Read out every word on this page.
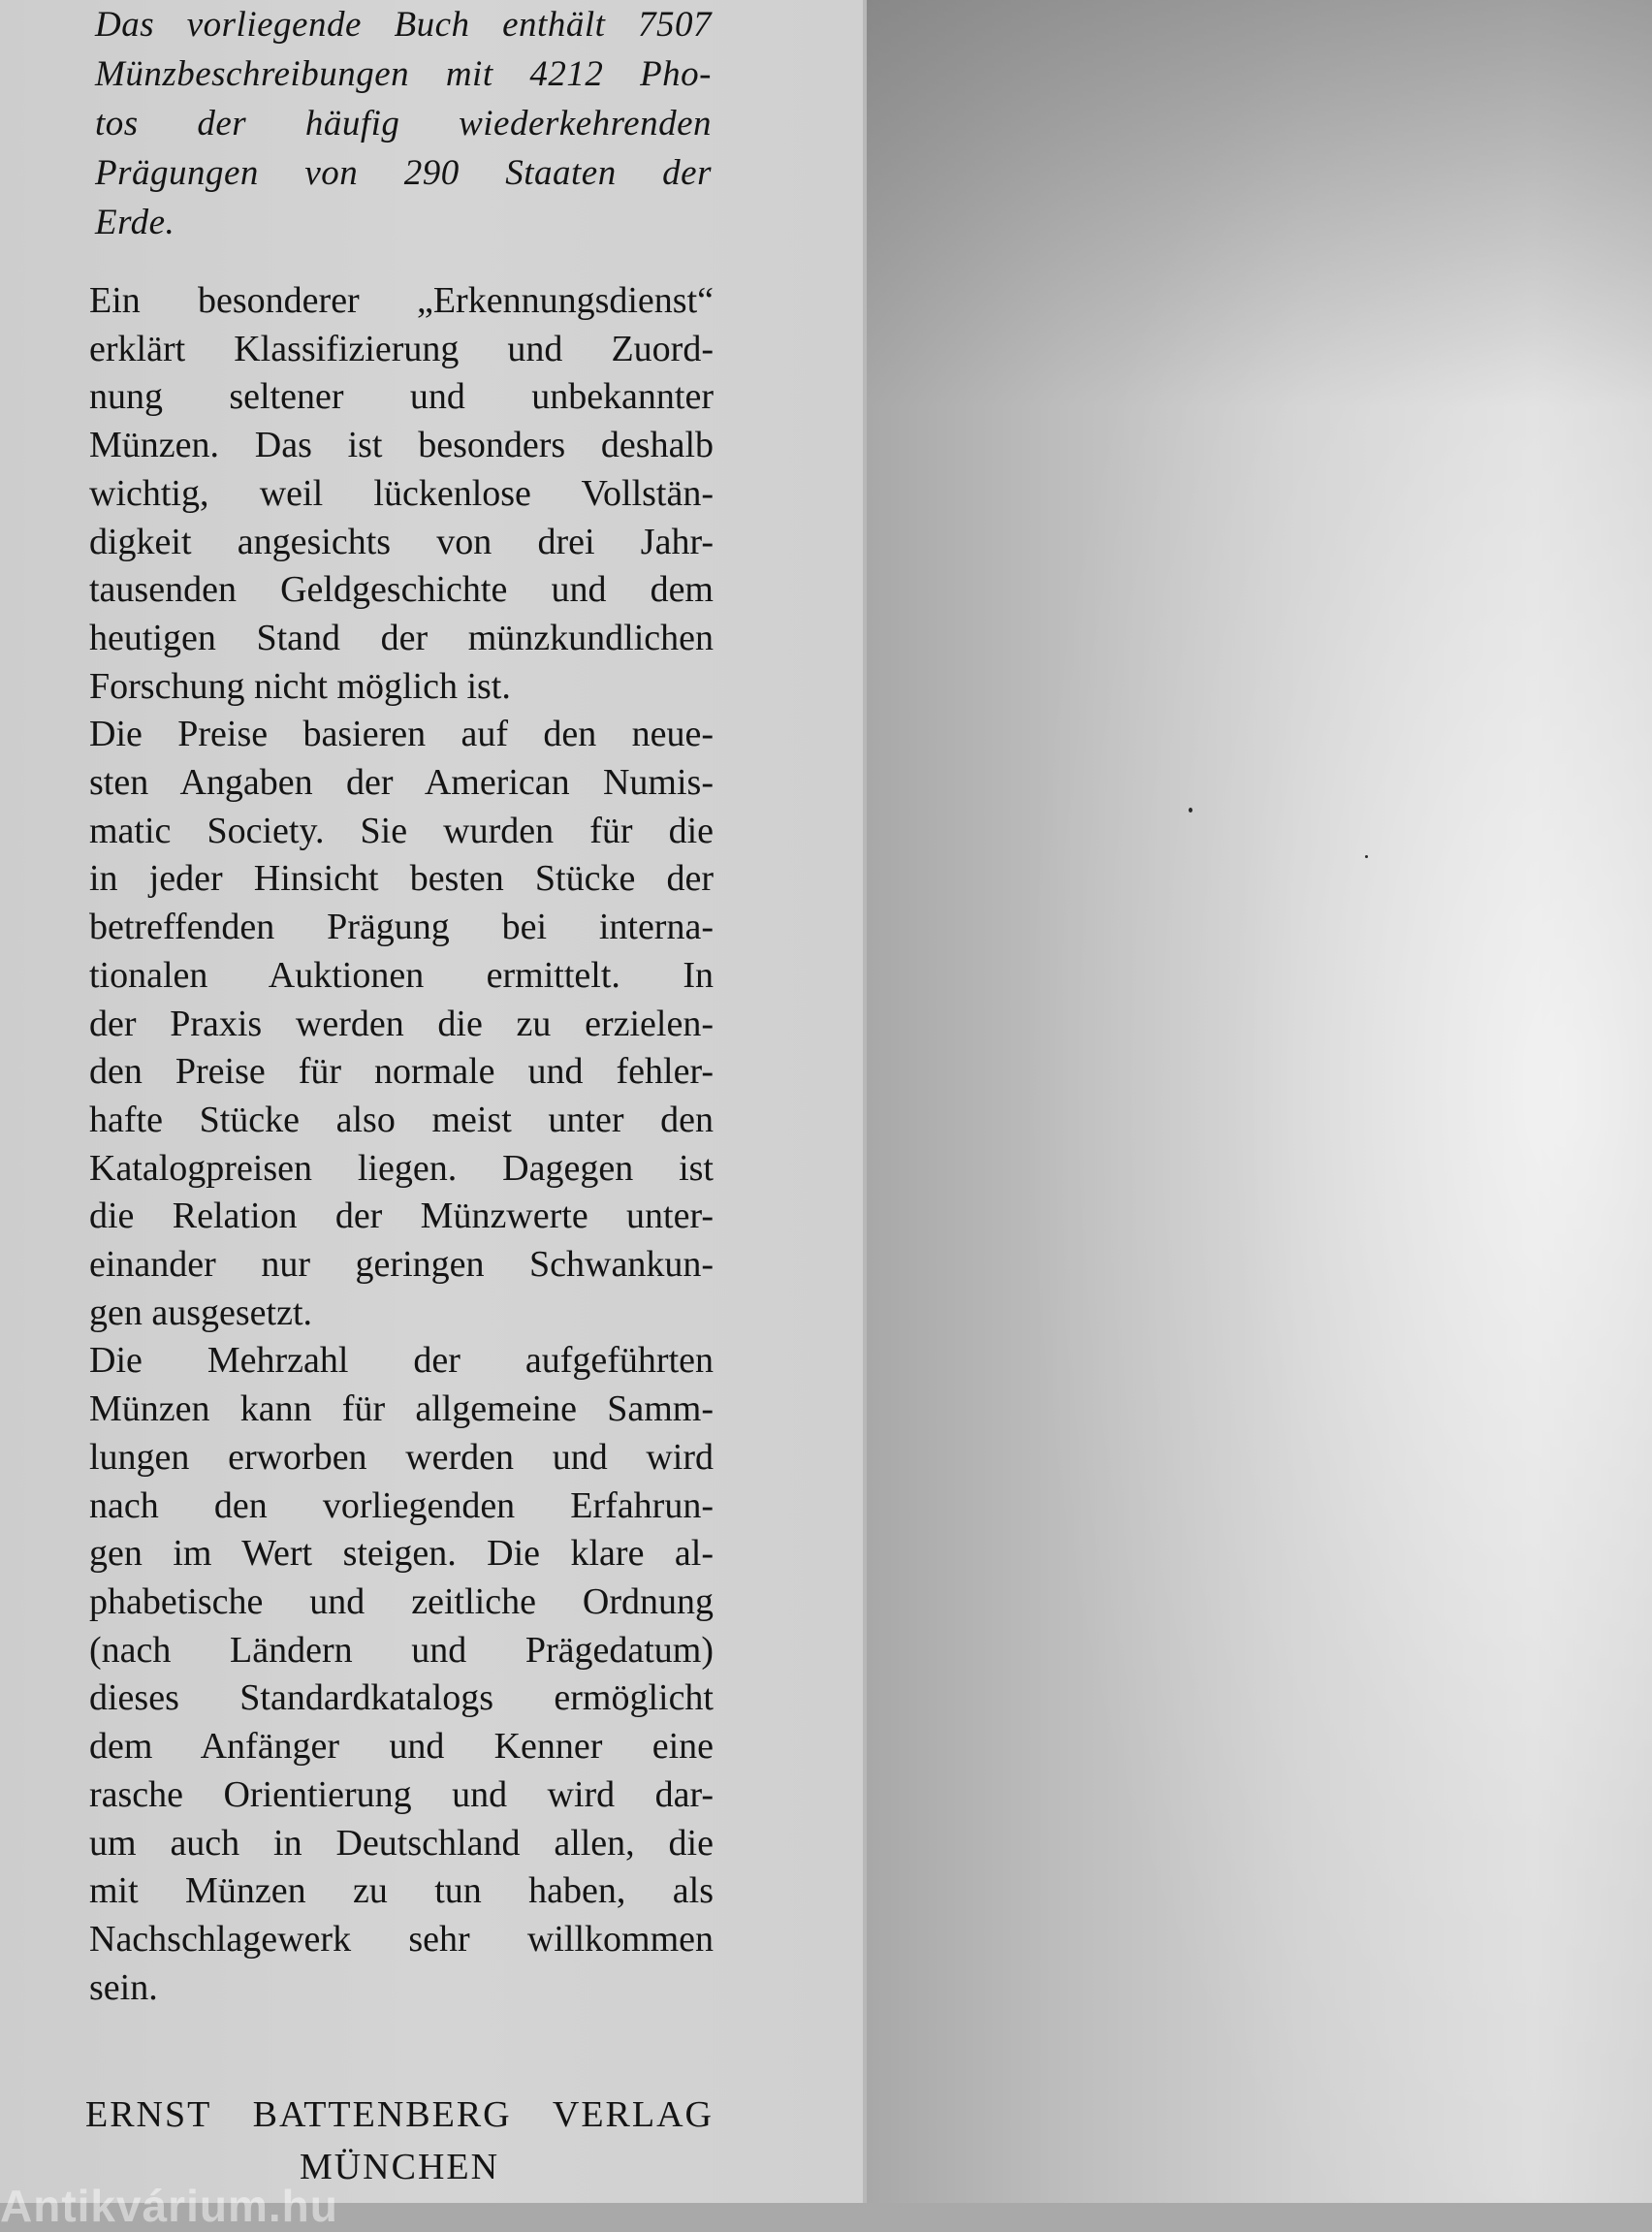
Das vorliegende Buch enthält 7507
Münzbeschreibungen mit 4212 Pho-
tos der häufig wiederkehrenden
Prägungen von 290 Staaten der
Erde.
Ein besonderer „Erkennungsdienst“
erklärt Klassifizierung und Zuord-
nung seltener und unbekannter
Münzen. Das ist besonders deshalb
wichtig, weil lückenlose Vollstän-
digkeit angesichts von drei Jahr-
tausenden Geldgeschichte und dem
heutigen Stand der münzkundlichen
Forschung nicht möglich ist.
Die Preise basieren auf den neue-
sten Angaben der American Numis-
matic Society. Sie wurden für die
in jeder Hinsicht besten Stücke der
betreffenden Prägung bei interna-
tionalen Auktionen ermittelt. In
der Praxis werden die zu erzielen-
den Preise für normale und fehler-
hafte Stücke also meist unter den
Katalogpreisen liegen. Dagegen ist
die Relation der Münzwerte unter-
einander nur geringen Schwankun-
gen ausgesetzt.
Die Mehrzahl der aufgeführten
Münzen kann für allgemeine Samm-
lungen erworben werden und wird
nach den vorliegenden Erfahrun-
gen im Wert steigen. Die klare al-
phabetische und zeitliche Ordnung
(nach Ländern und Prägedatum)
dieses Standardkatalogs ermöglicht
dem Anfänger und Kenner eine
rasche Orientierung und wird dar-
um auch in Deutschland allen, die
mit Münzen zu tun haben, als
Nachschlagewerk sehr willkommen
sein.
ERNST BATTENBERG VERLAG
MÜNCHEN
Antikvárium.hu
